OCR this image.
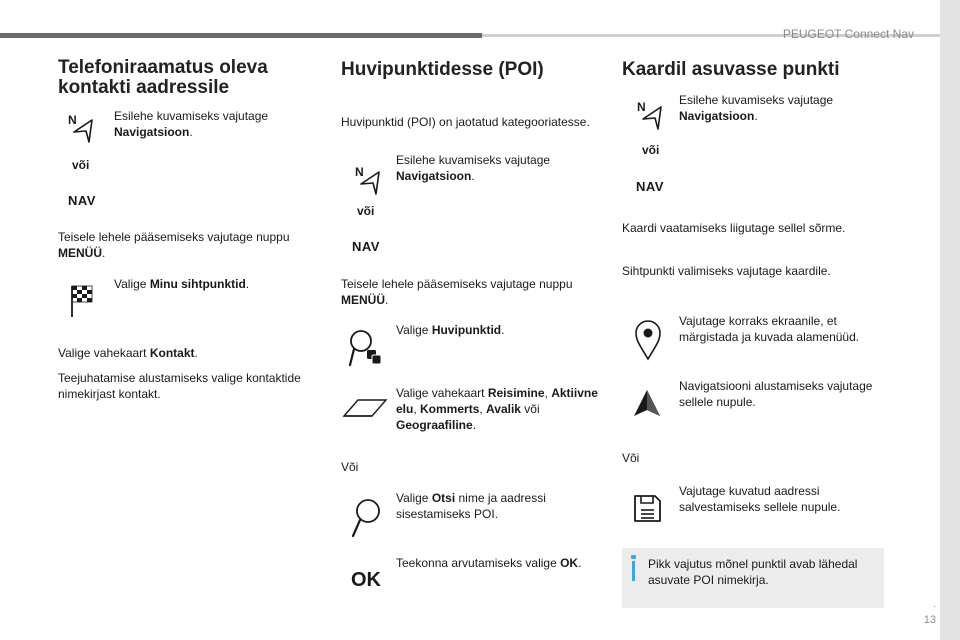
PEUGEOT Connect Nav
.
13
Telefoniraamatus oleva kontakti aadressile
N	Esilehe kuvamiseks vajutage Navigatsioon.
või
NAV
Teisele lehele pääsemiseks vajutage nuppu MENÜÜ.
Valige Minu sihtpunktid.
Valige vahekaart Kontakt.
Teejuhatamise alustamiseks valige kontaktide nimekirjast kontakt.
Huvipunktidesse (POI)
Huvipunktid (POI) on jaotatud kategooriatesse.
N
Esilehe kuvamiseks vajutage Navigatsioon.
või
NAV
Teisele lehele pääsemiseks vajutage nuppu MENÜÜ.
Valige Huvipunktid.
Valige vahekaart Reisimine, Aktiivne elu, Kommerts, Avalik või Geograafiline.
Või
Valige Otsi nime ja aadressi sisestamiseks POI.
OK
Teekonna arvutamiseks valige OK.
Kaardil asuvasse punkti
N	Esilehe kuvamiseks vajutage Navigatsioon.
või
NAV
Kaardi vaatamiseks liigutage sellel sõrme.
Sihtpunkti valimiseks vajutage kaardile.
Vajutage korraks ekraanile, et märgistada ja kuvada alamenüüd.
Navigatsiooni alustamiseks vajutage sellele nupule.
Või
Vajutage kuvatud aadressi salvestamiseks sellele nupule.
Pikk vajutus mõnel punktil avab lähedal asuvate POI nimekirja.
